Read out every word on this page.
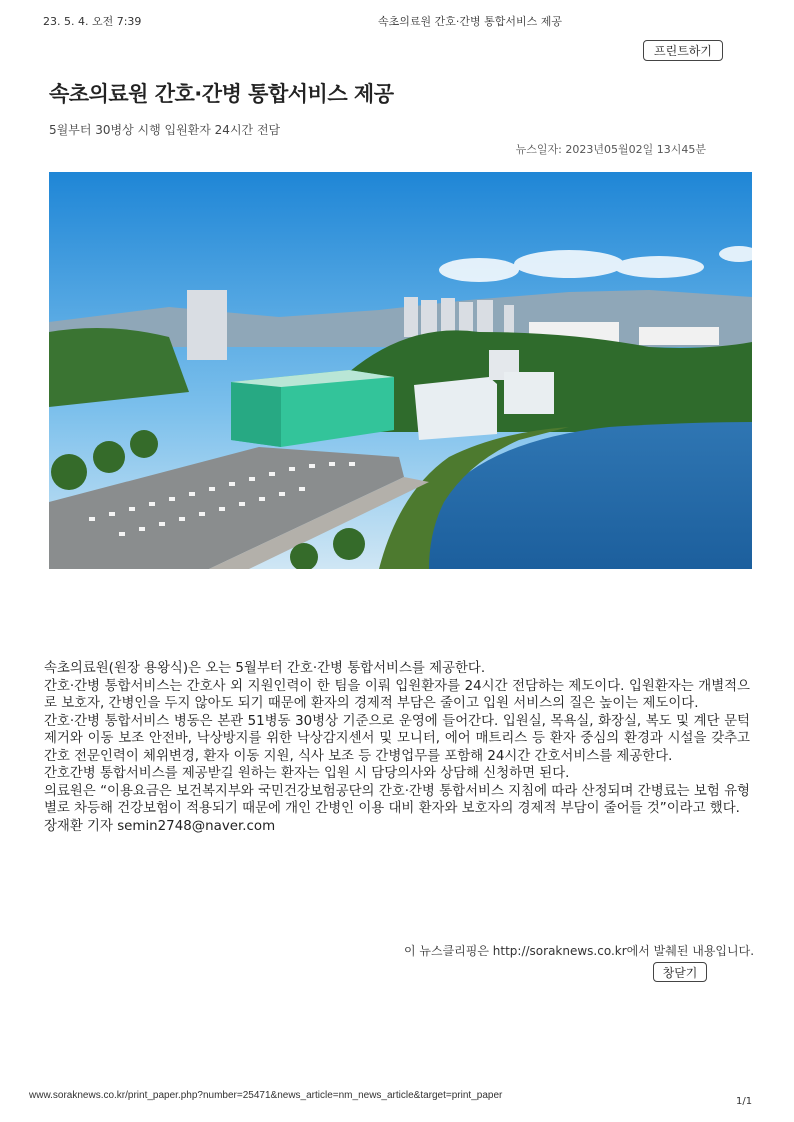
23. 5. 4. 오전 7:39	속초의료원 간호·간병 통합서비스 제공
프린트하기
속초의료원 간호·간병 통합서비스 제공
5월부터 30병상 시행 입원환자 24시간 전담
뉴스일자: 2023년05월02일 13시45분

속초의료원(원장 용왕식)은 오는 5월부터 간호·간병 통합서비스를 제공한다.

간호·간병 통합서비스는 간호사 외 지원인력이 한 팀을 이뤄 입원환자를 24시간 전담하는 제도이다. 입원환자는 개별적으로 보호자, 간병인을 두지 않아도 되기 때문에 환자의 경제적 부담은 줄이고 입원 서비스의 질은 높이는 제도이다.

간호·간병 통합서비스 병동은 본관 51병동 30병상 기준으로 운영에 들어간다. 입원실, 목욕실, 화장실, 복도 및 계단 문턱 제거와 이동 보조 안전바, 낙상방지를 위한 낙상감지센서 및 모니터, 에어 매트리스 등 환자 중심의 환경과 시설을 갖추고 간호 전문인력이 체위변경, 환자 이동 지원, 식사 보조 등 간병업무를 포함해 24시간 간호서비스를 제공한다.

간호간병 통합서비스를 제공받길 원하는 환자는 입원 시 담당의사와 상담해 신청하면 된다.

의료원은 “이용요금은 보건복지부와 국민건강보험공단의 간호·간병 통합서비스 지침에 따라 산정되며 간병료는 보험 유형별로 차등해 건강보험이 적용되기 때문에 개인 간병인 이용 대비 환자와 보호자의 경제적 부담이 줄어들 것”이라고 했다.

장재환 기자 semin2748@naver.com

이 뉴스클리핑은 http://soraknews.co.kr에서 발췌된 내용입니다.
창닫기
www.soraknews.co.kr/print_paper.php?number=25471&news_article=nm_news_article&target=print_paper
1/1
